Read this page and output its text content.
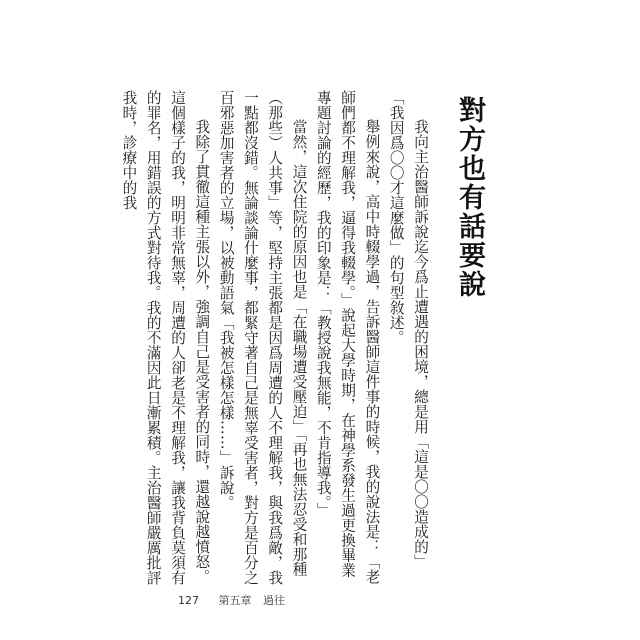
對方也有話要說

我向主治醫師訴說迄今爲止遭遇的困境，總是用「這是〇〇造成的」「我因爲〇〇才這麼做」的句型敘述。

舉例來說，高中時輟學過，告訴醫師這件事的時候，我的說法是：「老師們都不理解我，逼得我輟學。」說起大學時期，在神學系發生過更換畢業專題討論的經歷，我的印象是：「教授說我無能，不肯指導我。」

當然，這次住院的原因也是「在職場遭受壓迫」「再也無法忍受和那種（那些）人共事」等，堅持主張都是因爲周遭的人不理解我，與我爲敵，我一點都沒錯。無論談論什麼事，都緊守著自己是無辜受害者，對方是百分之百邪惡加害者的立場，以被動語氣「我被怎樣怎樣……」訴說。

我除了貫徹這種主張以外，強調自己是受害者的同時，還越說越憤怒。這個樣子的我，明明非常無辜，周遭的人卻老是不理解我，讓我背負莫須有的罪名，用錯誤的方式對待我。我的不滿因此日漸累積。主治醫師嚴厲批評我時，診療中的我

127 第五章 過往
